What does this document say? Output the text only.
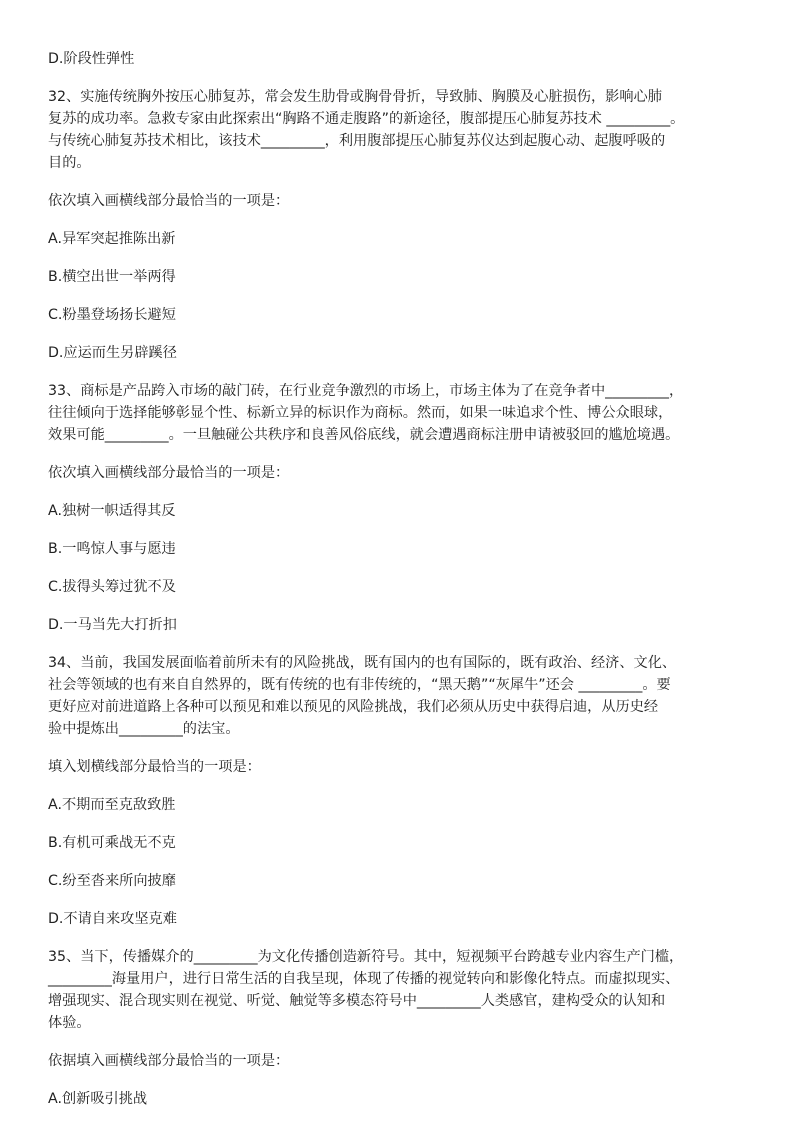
D.阶段性弹性

32、实施传统胸外按压心肺复苏，常会发生肋骨或胸骨骨折，导致肺、胸膜及心脏损伤，影响心肺

复苏的成功率。急救专家由此探索出“胸路不通走腹路”的新途径，腹部提压心肺复苏技术 _________。

与传统心肺复苏技术相比，该技术_________，利用腹部提压心肺复苏仪达到起腹心动、起腹呼吸的

目的。

依次填入画横线部分最恰当的一项是：

A.异军突起推陈出新

B.横空出世一举两得

C.粉墨登场扬长避短

D.应运而生另辟蹊径

33、商标是产品跨入市场的敲门砖，在行业竞争激烈的市场上，市场主体为了在竞争者中_________，

往往倾向于选择能够彰显个性、标新立异的标识作为商标。然而，如果一味追求个性、博公众眼球，

效果可能_________。一旦触碰公共秩序和良善风俗底线，就会遭遇商标注册申请被驳回的尴尬境遇。

依次填入画横线部分最恰当的一项是：

A.独树一帜适得其反

B.一鸣惊人事与愿违

C.拔得头筹过犹不及

D.一马当先大打折扣

34、当前，我国发展面临着前所未有的风险挑战，既有国内的也有国际的，既有政治、经济、文化、

社会等领域的也有来自自然界的，既有传统的也有非传统的，“黑天鹅”“灰犀牛”还会 _________。要

更好应对前进道路上各种可以预见和难以预见的风险挑战，我们必须从历史中获得启迪，从历史经

验中提炼出_________的法宝。

填入划横线部分最恰当的一项是：

A.不期而至克敌致胜

B.有机可乘战无不克

C.纷至沓来所向披靡

D.不请自来攻坚克难

35、当下，传播媒介的_________为文化传播创造新符号。其中，短视频平台跨越专业内容生产门槛，

_________海量用户，进行日常生活的自我呈现，体现了传播的视觉转向和影像化特点。而虚拟现实、

增强现实、混合现实则在视觉、听觉、触觉等多模态符号中_________人类感官，建构受众的认知和

体验。

依据填入画横线部分最恰当的一项是：

A.创新吸引挑战
